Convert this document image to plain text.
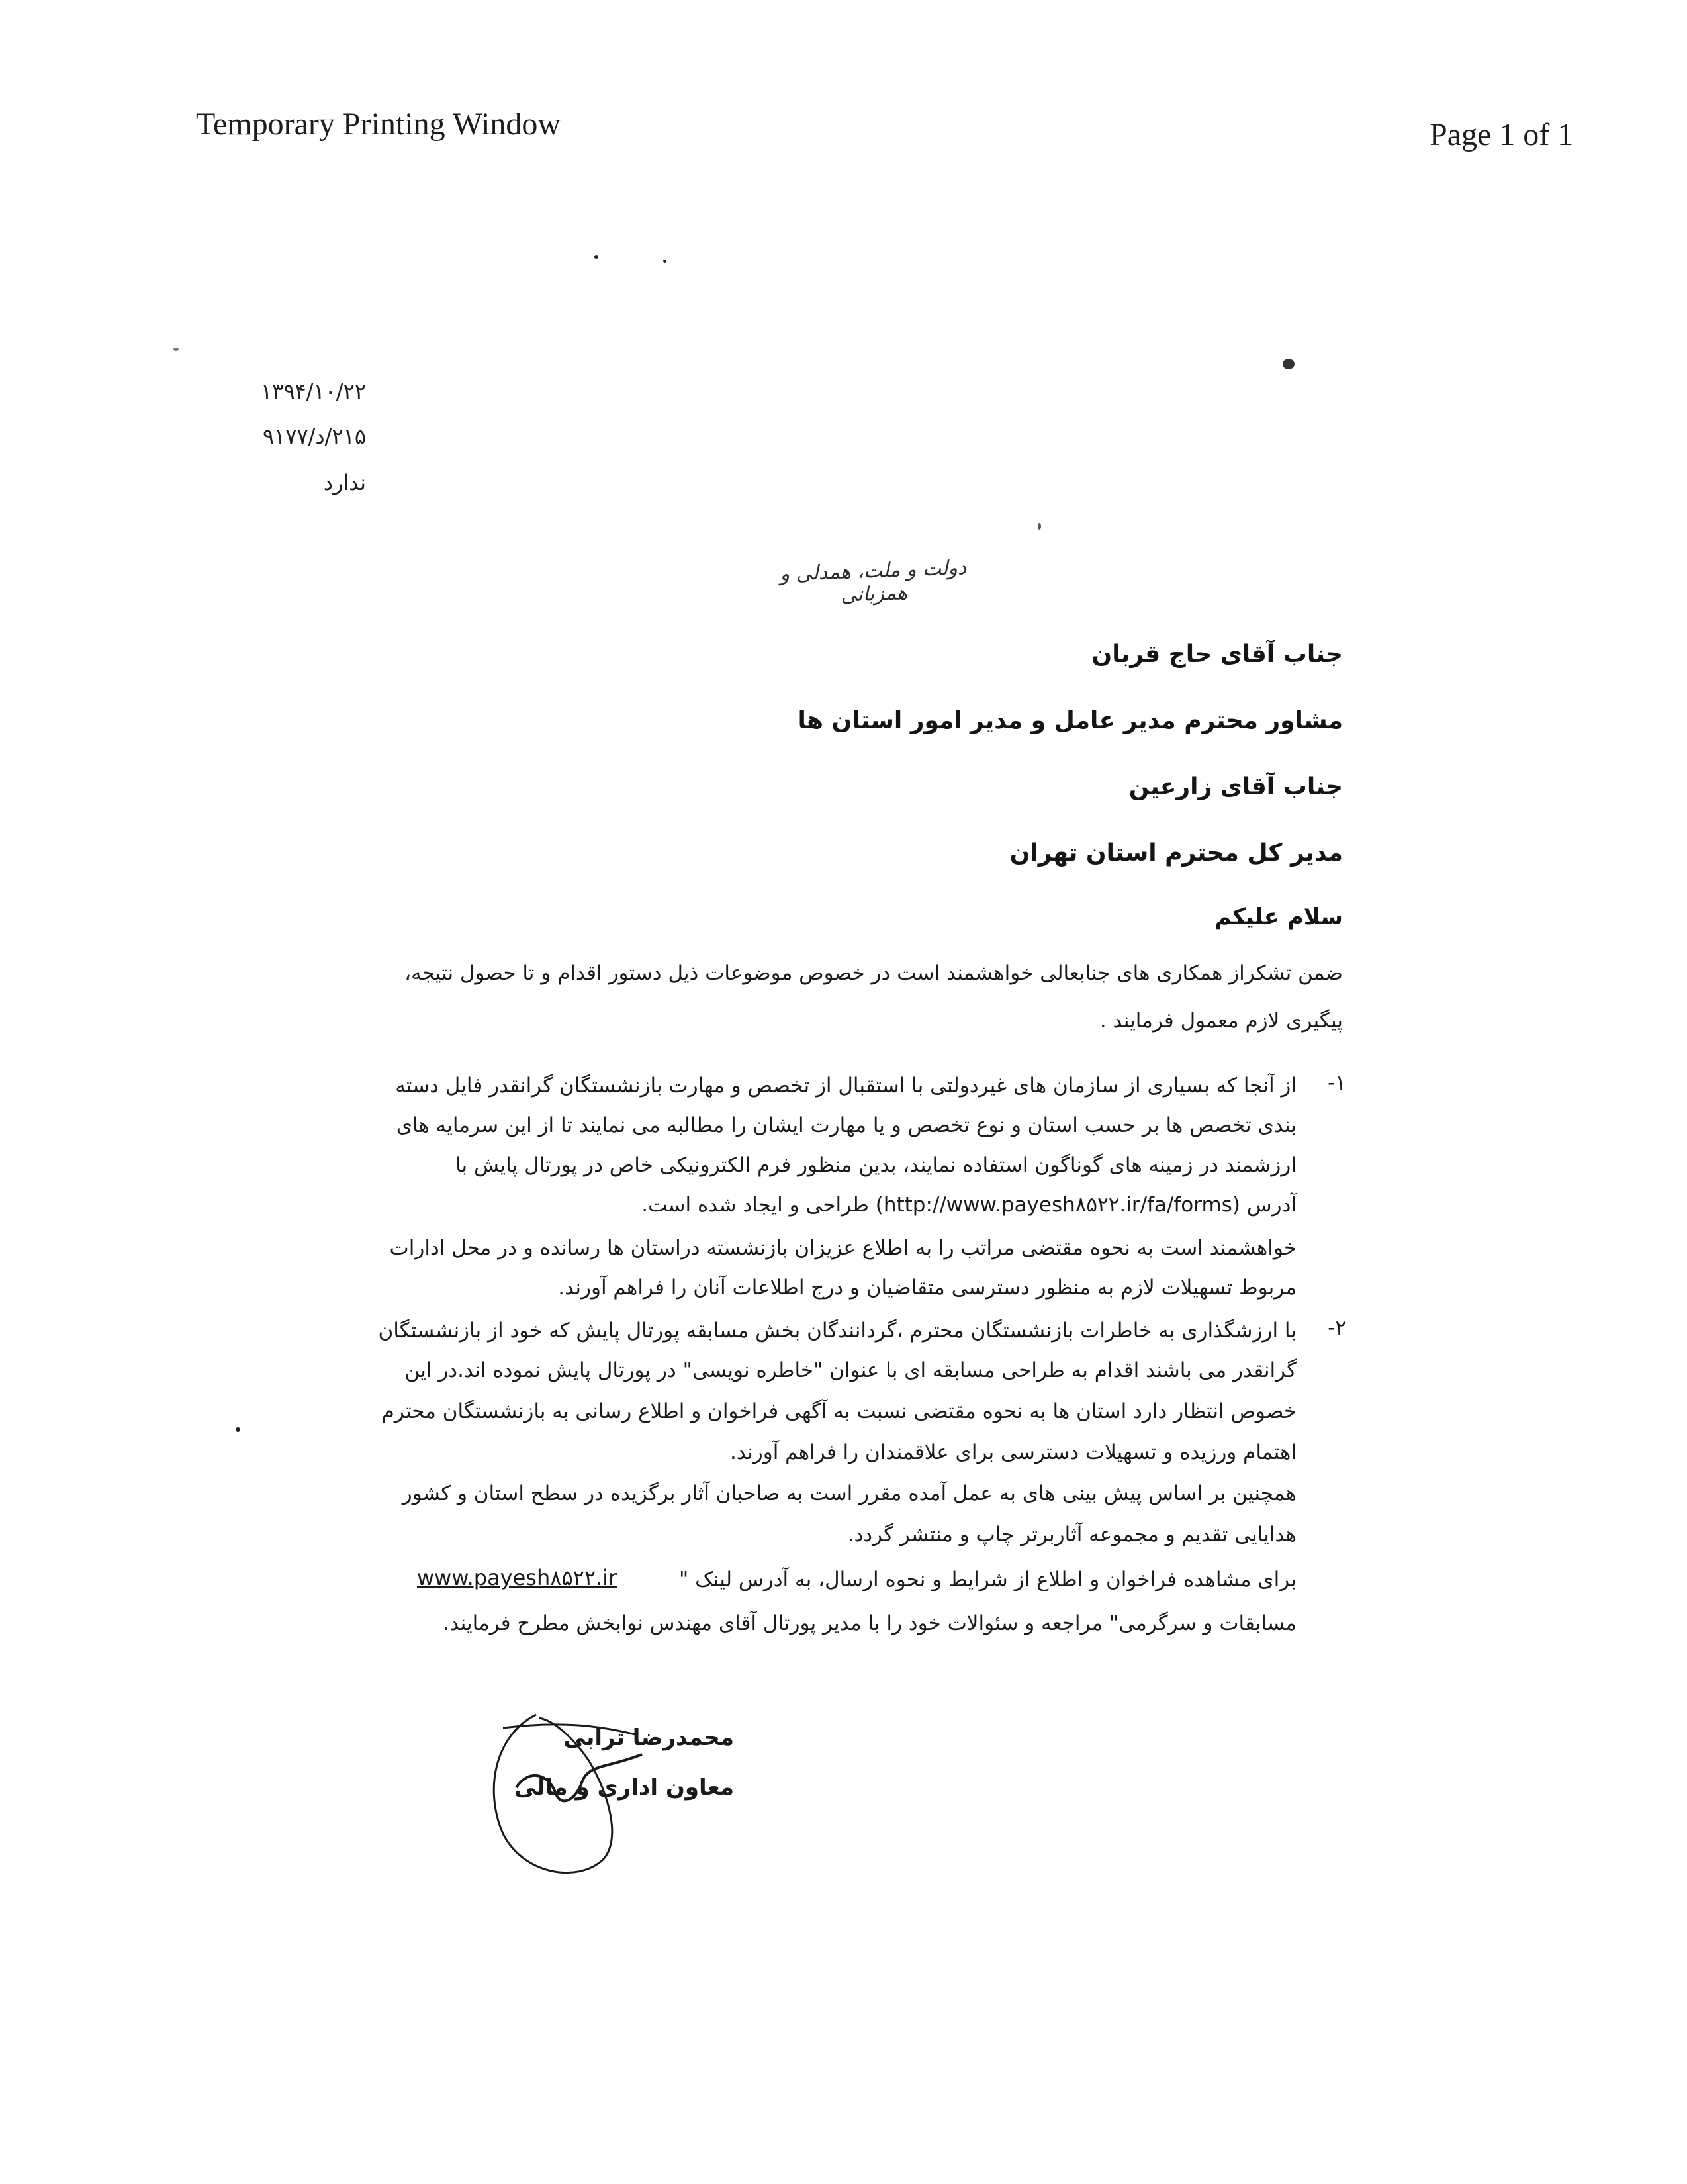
Temporary Printing Window	Page 1 of 1
۱۳۹۴/۱۰/۲۲
۲۱۵/د/۹۱۷۷
ندارد
دولت و ملت، همدلی و همزبانی
جناب آقای حاج قربان
مشاور محترم مدیر عامل و مدیر امور استان ها
جناب آقای زارعین
مدیر کل محترم استان تهران
سلام علیکم
ضمن تشکراز همکاری های جنابعالی خواهشمند است در خصوص موضوعات ذیل دستور اقدام و تا حصول نتیجه،
پیگیری لازم معمول فرمایند .
۱-
از آنجا که بسیاری از سازمان های غیردولتی با استقبال از تخصص و مهارت بازنشستگان گرانقدر فایل دسته
بندی تخصص ها بر حسب استان و نوع تخصص و یا مهارت ایشان را مطالبه می نمایند تا از این سرمایه های
ارزشمند در زمینه های گوناگون استفاده نمایند، بدین منظور فرم الکترونیکی خاص در پورتال پایش با
آدرس (http://www.payesh۸۵۲۲.ir/fa/forms) طراحی و ایجاد شده است.
خواهشمند است به نحوه مقتضی مراتب را به اطلاع عزیزان بازنشسته دراستان ها رسانده و در محل ادارات
مربوط تسهیلات لازم به منظور دسترسی متقاضیان و درج اطلاعات آنان را فراهم آورند.
۲-
با ارزشگذاری به خاطرات بازنشستگان محترم ،گردانندگان بخش مسابقه پورتال پایش که خود از بازنشستگان
گرانقدر می باشند اقدام به طراحی مسابقه ای با عنوان "خاطره نویسی" در پورتال پایش نموده اند.در این
خصوص انتظار دارد استان ها به نحوه مقتضی نسبت به آگهی فراخوان و اطلاع رسانی به بازنشستگان محترم
اهتمام ورزیده و تسهیلات دسترسی برای علاقمندان را فراهم آورند.
همچنین بر اساس پیش بینی های به عمل آمده مقرر است به صاحبان آثار برگزیده در سطح استان و کشور
هدایایی تقدیم و مجموعه آثاربرتر چاپ و منتشر گردد.
برای مشاهده فراخوان و اطلاع از شرایط و نحوه ارسال، به آدرس لینک "
مسابقات و سرگرمی" مراجعه و سئوالات خود را با مدیر پورتال آقای مهندس نوابخش مطرح فرمایند.
www.payesh۸۵۲۲.ir
محمدرضا ترابی
معاون اداری و مالی
